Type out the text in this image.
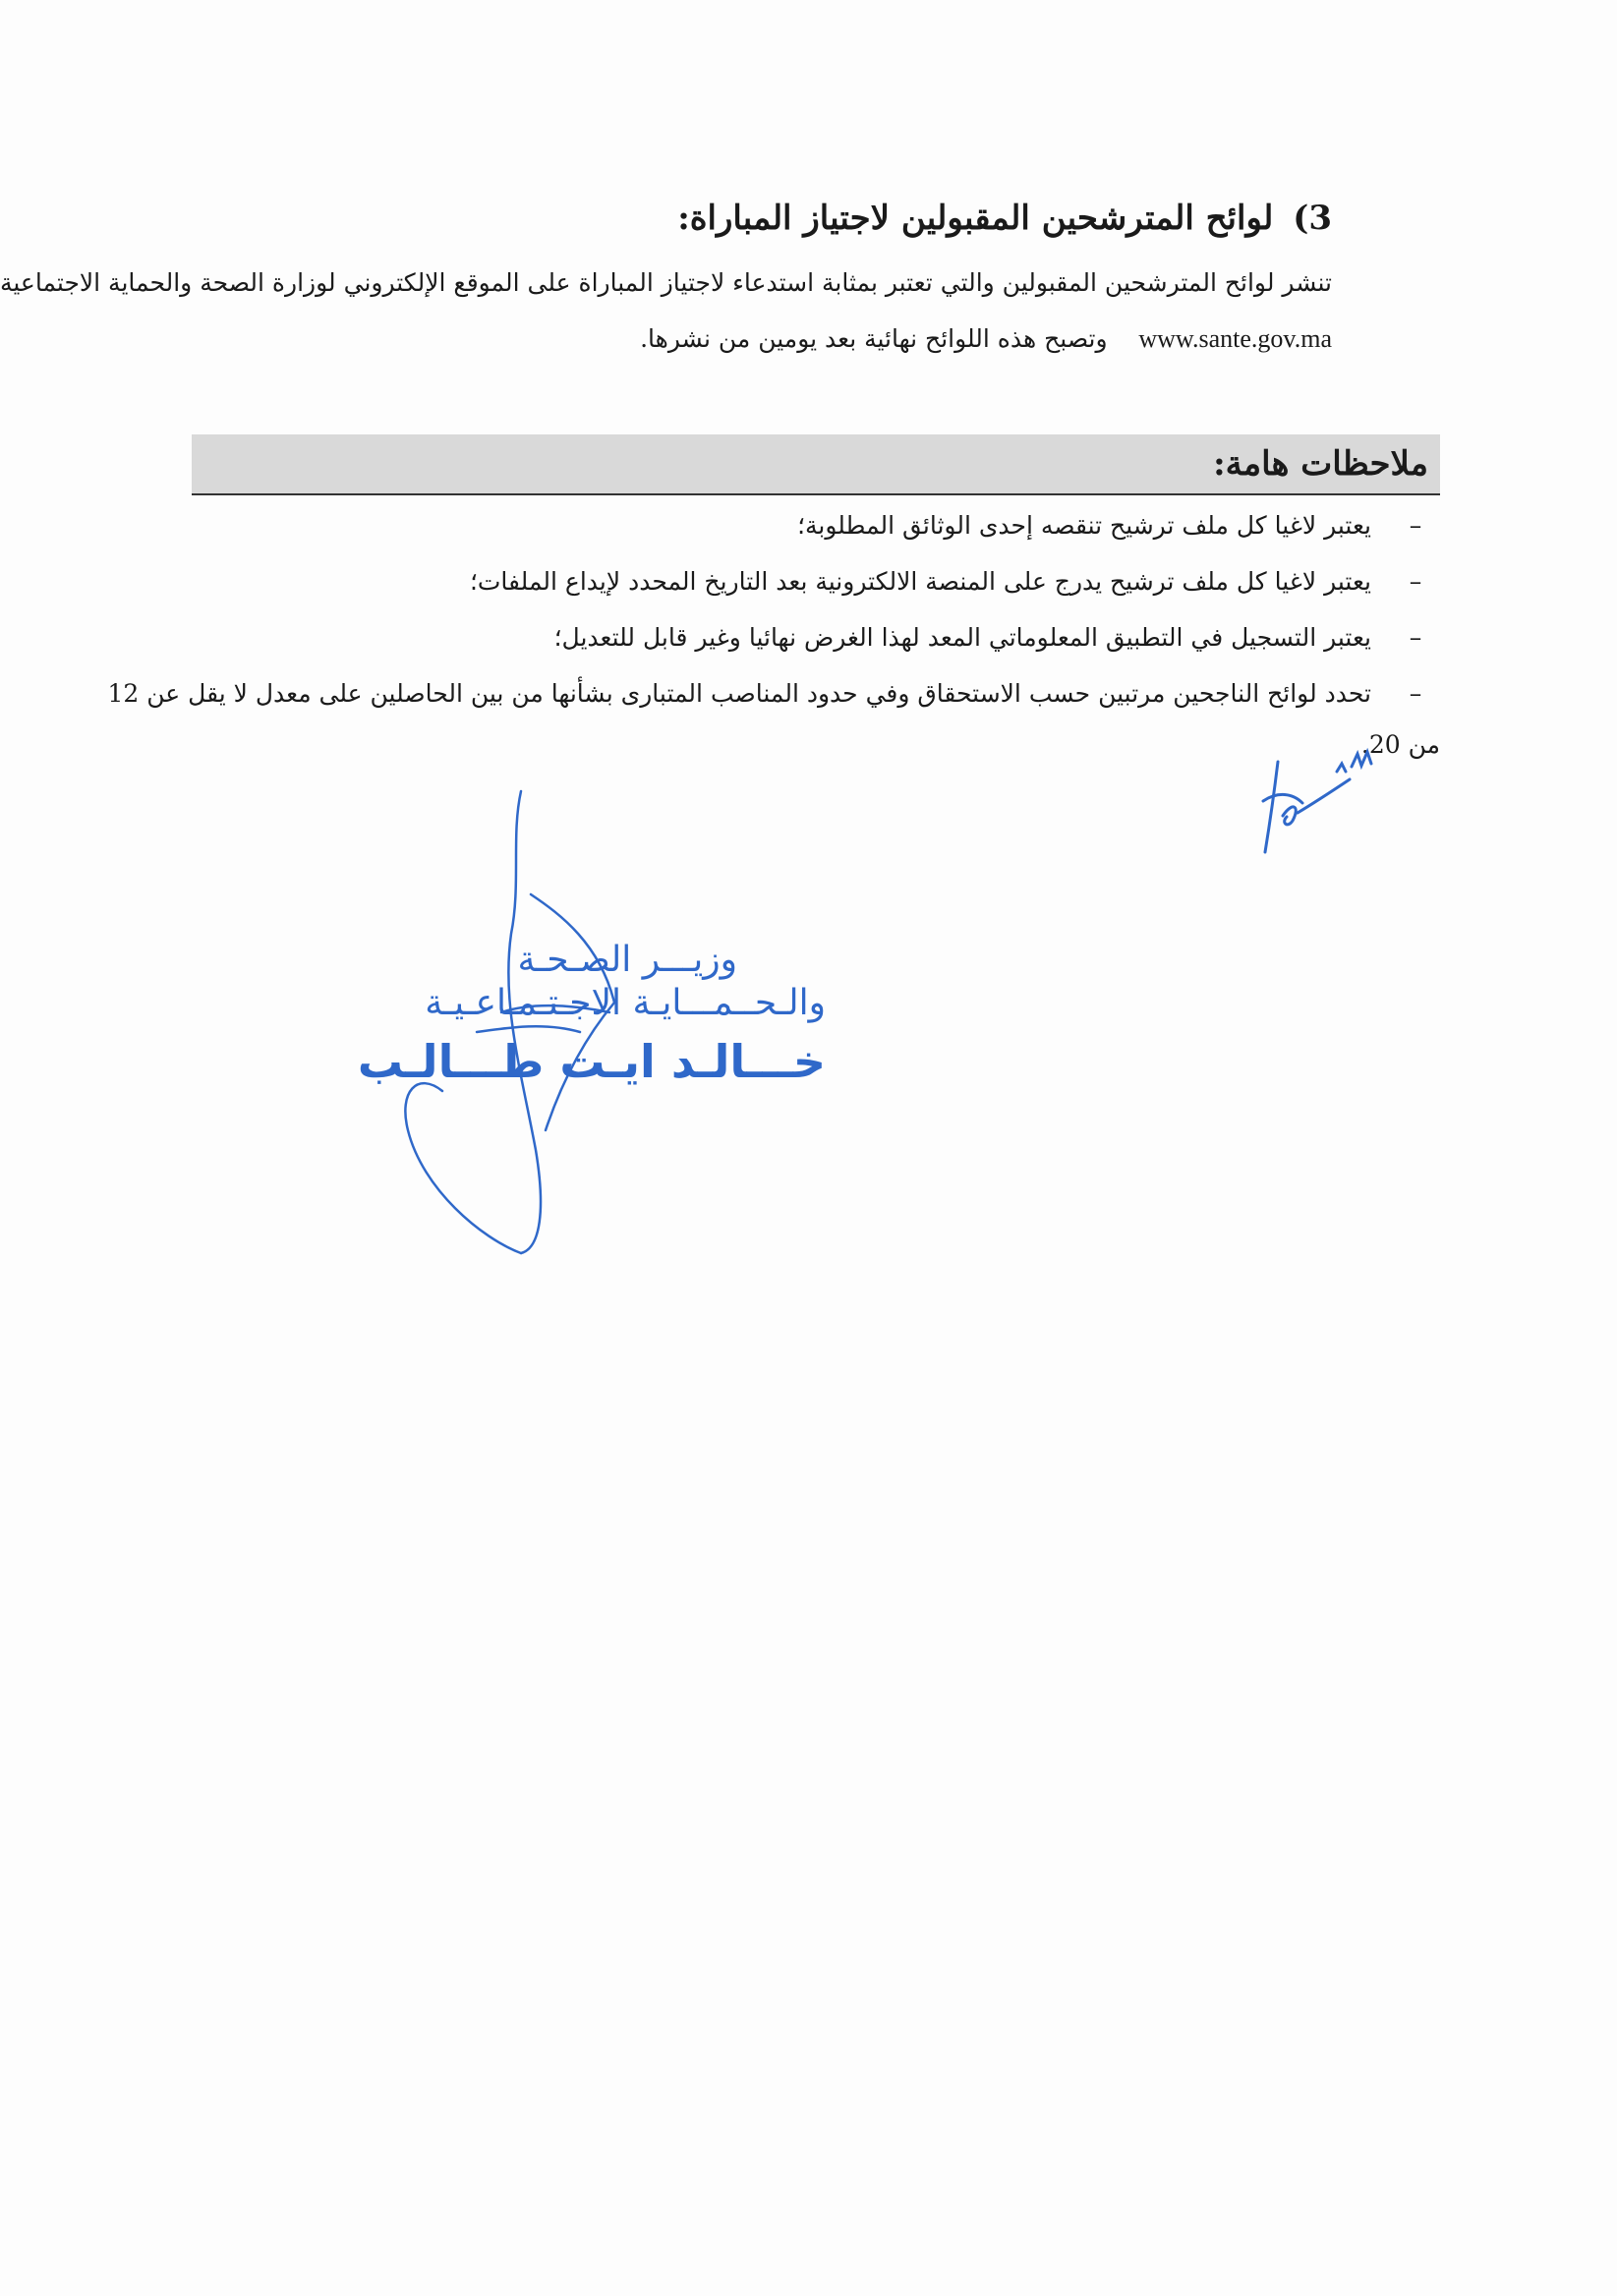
3) لوائح المترشحين المقبولين لاجتياز المباراة:
تنشر لوائح المترشحين المقبولين والتي تعتبر بمثابة استدعاء لاجتياز المباراة على الموقع الإلكتروني لوزارة الصحة والحماية الاجتماعية
www.sante.gov.ma    وتصبح هذه اللوائح نهائية بعد يومين من نشرها.
ملاحظات هامة:
–يعتبر لاغيا كل ملف ترشيح تنقصه إحدى الوثائق المطلوبة؛
–يعتبر لاغيا كل ملف ترشيح يدرج على المنصة الالكترونية بعد التاريخ المحدد لإيداع الملفات؛
–يعتبر التسجيل في التطبيق المعلوماتي المعد لهذا الغرض نهائيا وغير قابل للتعديل؛
–تحدد لوائح الناجحين مرتبين حسب الاستحقاق وفي حدود المناصب المتبارى بشأنها من بين الحاصلين على معدل لا يقل عن 12
من 20.
وزيـــر الصـحـة
والـحــمـــايـة الاجـتـمـاعـيـة
خـــالـد ايـت طـــالـب
